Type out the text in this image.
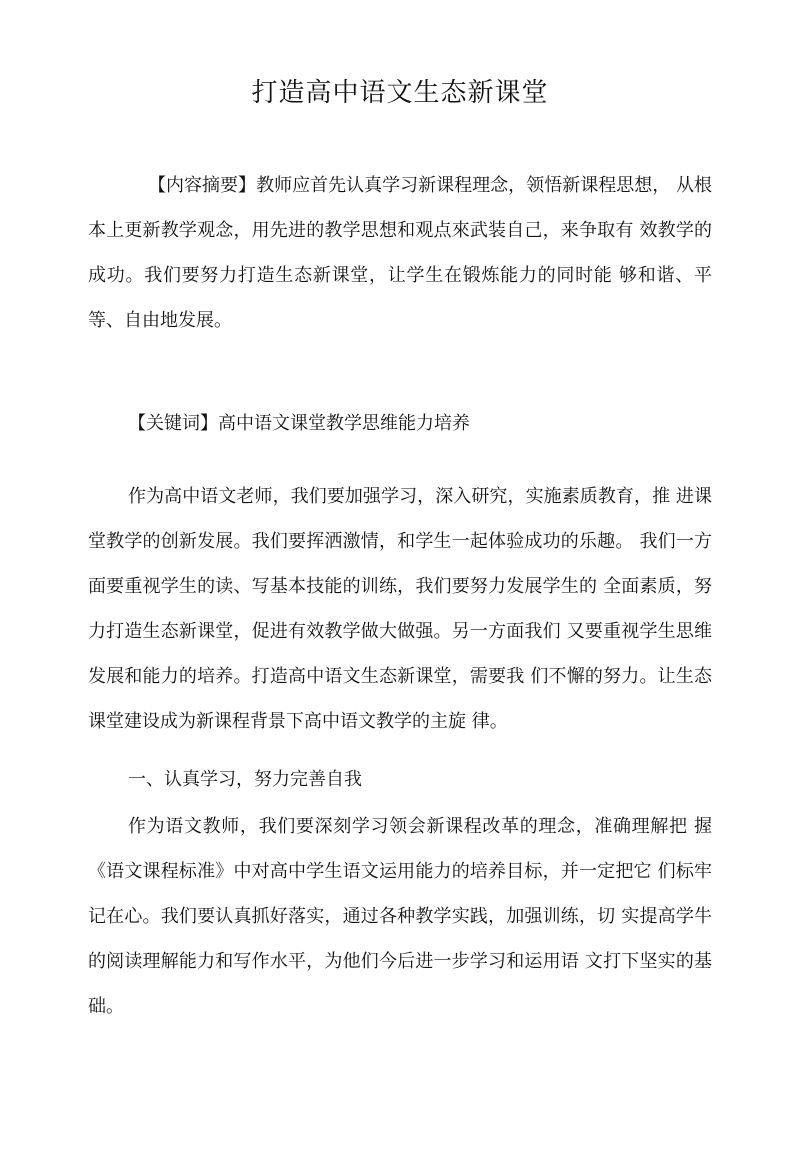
打造高中语文生态新课堂

【内容摘要】教师应首先认真学习新课程理念，领悟新课程思想， 从根本上更新教学观念，用先进的教学思想和观点來武装自己，来争取有 效教学的成功。我们要努力打造生态新课堂，让学生在锻炼能力的同时能 够和谐、平等、自由地发展。

【关键词】高中语文课堂教学思维能力培养

作为高中语文老师，我们要加强学习，深入研究，实施素质教育，推 进课堂教学的创新发展。我们要挥洒激情，和学生一起体验成功的乐趣。 我们一方面要重视学生的读、写基本技能的训练，我们要努力发展学生的 全面素质，努力打造生态新课堂，促进有效教学做大做强。另一方面我们 又要重视学生思维发展和能力的培养。打造高中语文生态新课堂，需要我 们不懈的努力。让生态课堂建设成为新课程背景下高中语文教学的主旋 律。

一、认真学习，努力完善自我

作为语文教师，我们要深刻学习领会新课程改革的理念，准确理解把 握《语文课程标准》中对高中学生语文运用能力的培养目标，并一定把它 们标牢记在心。我们要认真抓好落实，通过各种教学实践，加强训练，切 实提高学牛的阅读理解能力和写作水平，为他们今后进一步学习和运用语 文打下坚实的基础。
